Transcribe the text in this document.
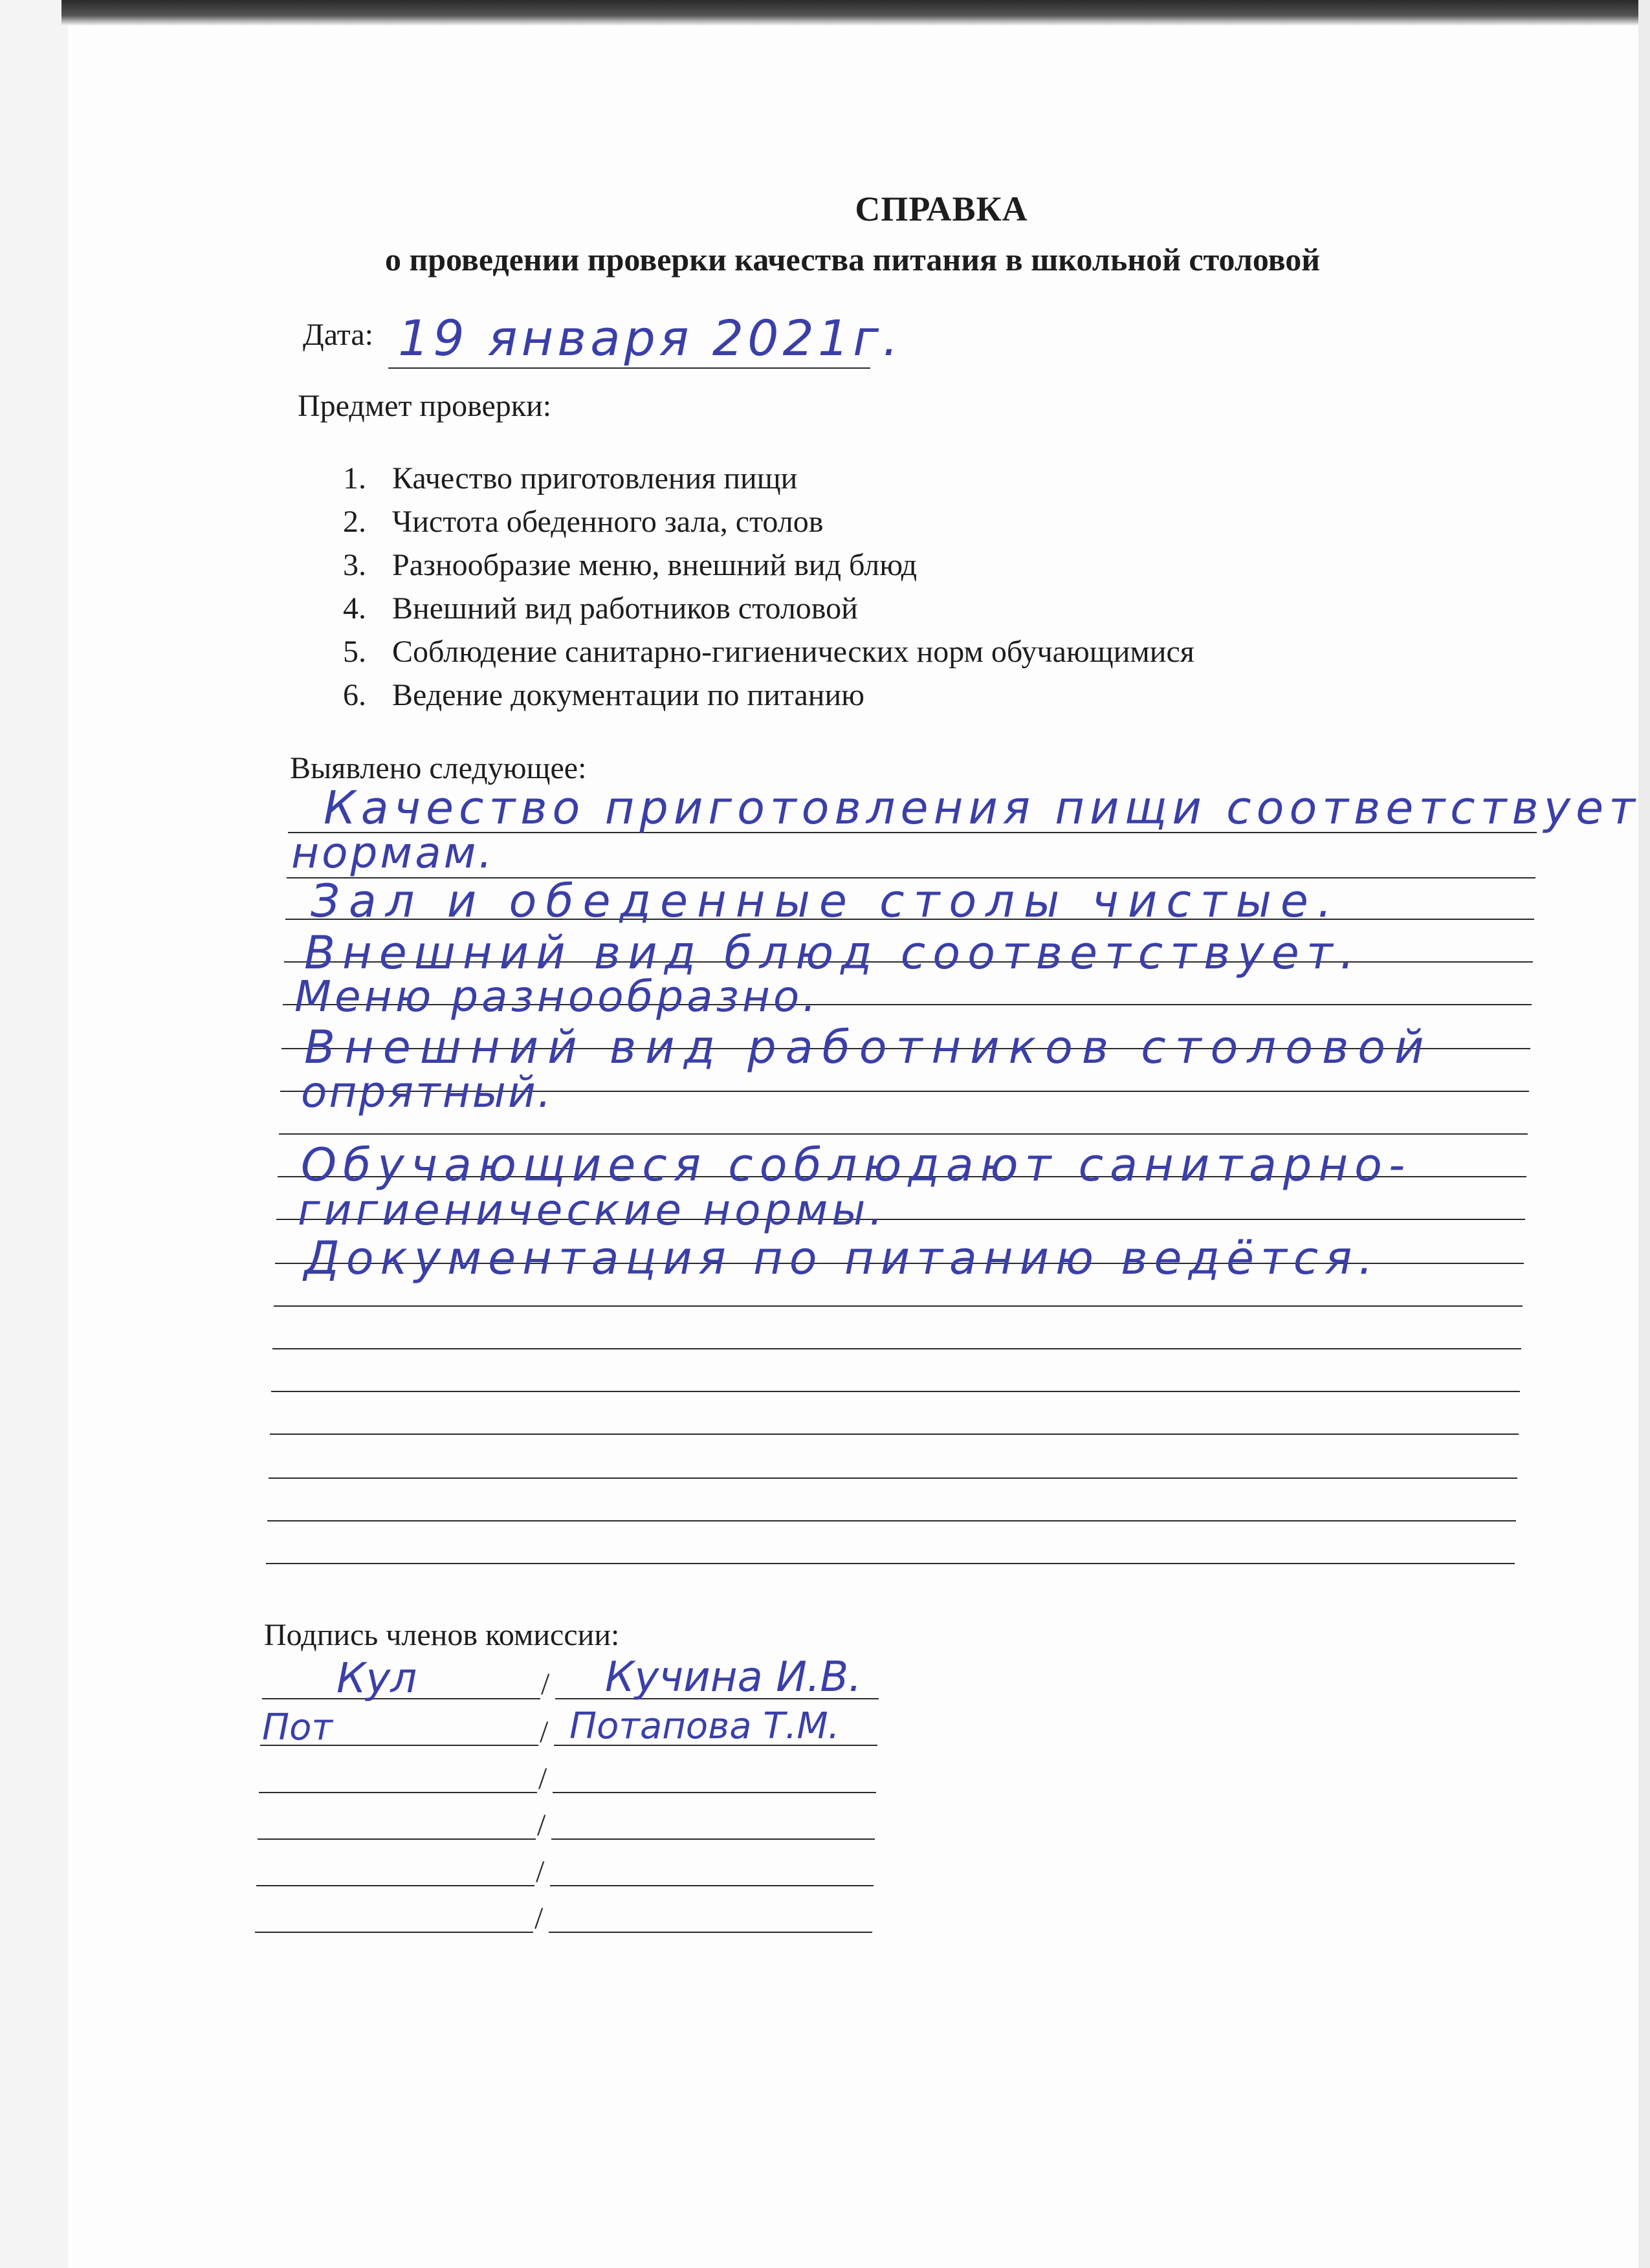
СПРАВКА
о проведении проверки качества питания в школьной столовой
Дата: 19 января 2021г.
Предмет проверки:
1. Качество приготовления пищи
2. Чистота обеденного зала, столов
3. Разнообразие меню, внешний вид блюд
4. Внешний вид работников столовой
5. Соблюдение санитарно-гигиенических норм обучающимися
6. Ведение документации по питанию
Выявлено следующее:
Качество приготовления пищи соответствует
нормам.
Зал и обеденные столы чистые.
Внешний вид блюд соответствует.
Меню разнообразно.
Внешний вид работников столовой
опрятный.
Обучающиеся соблюдают санитарно-
гигиенические нормы.
Документация по питанию ведётся.
Подпись членов комиссии:
/
Кул	Кучина И.В.
/
Пот	Потапова Т.М.
/
/
/
/
